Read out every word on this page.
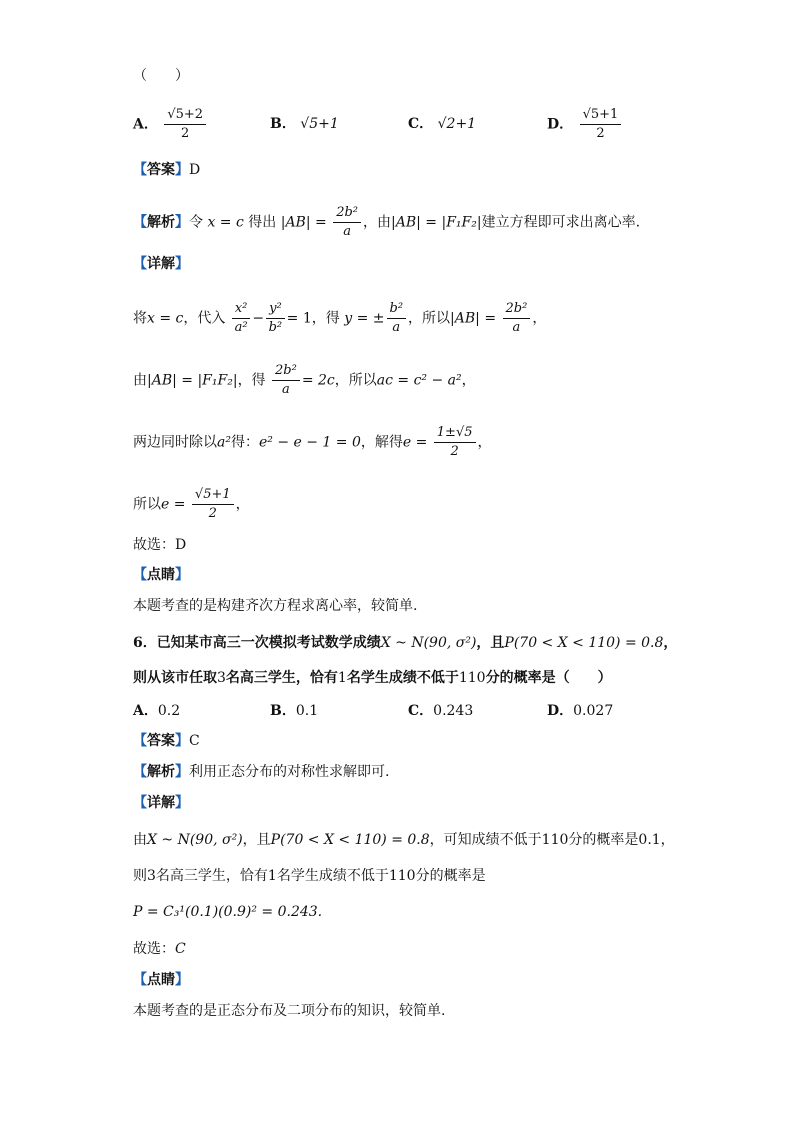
（　　）
A． $\frac{√5+2}{2}$	B． √5+1	C． √2+1	D． $\frac{√5+1}{2}$
【答案】D
【解析】令 x = c 得出 $|AB| = \frac{\text{2b²}}{a}$ ，由|AB| = |F₁F₂|建立方程即可求出离心率.
【详解】
将x = c，代入 $\frac{\text{x²}}{\text{a²}} - \frac{\text{y²}}{\text{b²}} = 1$，得 y = ± $\frac{\text{b²}}{a}$ ，所以$|AB| = \frac{\text{2b²}}{a}$ ，
由|AB| = |F₁F₂|，得 $\frac{\text{2b²}}{a} = 2c$，所以ac = c² − a²，
两边同时除以a²得：e² − e − 1 = 0，解得$e = \frac{1\pm√5}{2}$ ，
所以$e = \frac{√5+1}{2}$ ，
故选：D
【点睛】
本题考查的是构建齐次方程求离心率，较简单.
6．已知某市高三一次模拟考试数学成绩X ~ N(90, σ²)，且P(70 < X < 110) = 0.8，
则从该市任取3名高三学生，恰有1名学生成绩不低于110分的概率是（　　）
A．0.2	B．0.1	C．0.243	D．0.027
【答案】C
【解析】利用正态分布的对称性求解即可.
【详解】
由X ~ N(90, σ²)，且P(70 < X < 110) = 0.8，可知成绩不低于110分的概率是0.1，
则3名高三学生，恰有1名学生成绩不低于110分的概率是
P = C₃¹(0.1)(0.9)² = 0.243.
故选：C
【点睛】
本题考查的是正态分布及二项分布的知识，较简单.
